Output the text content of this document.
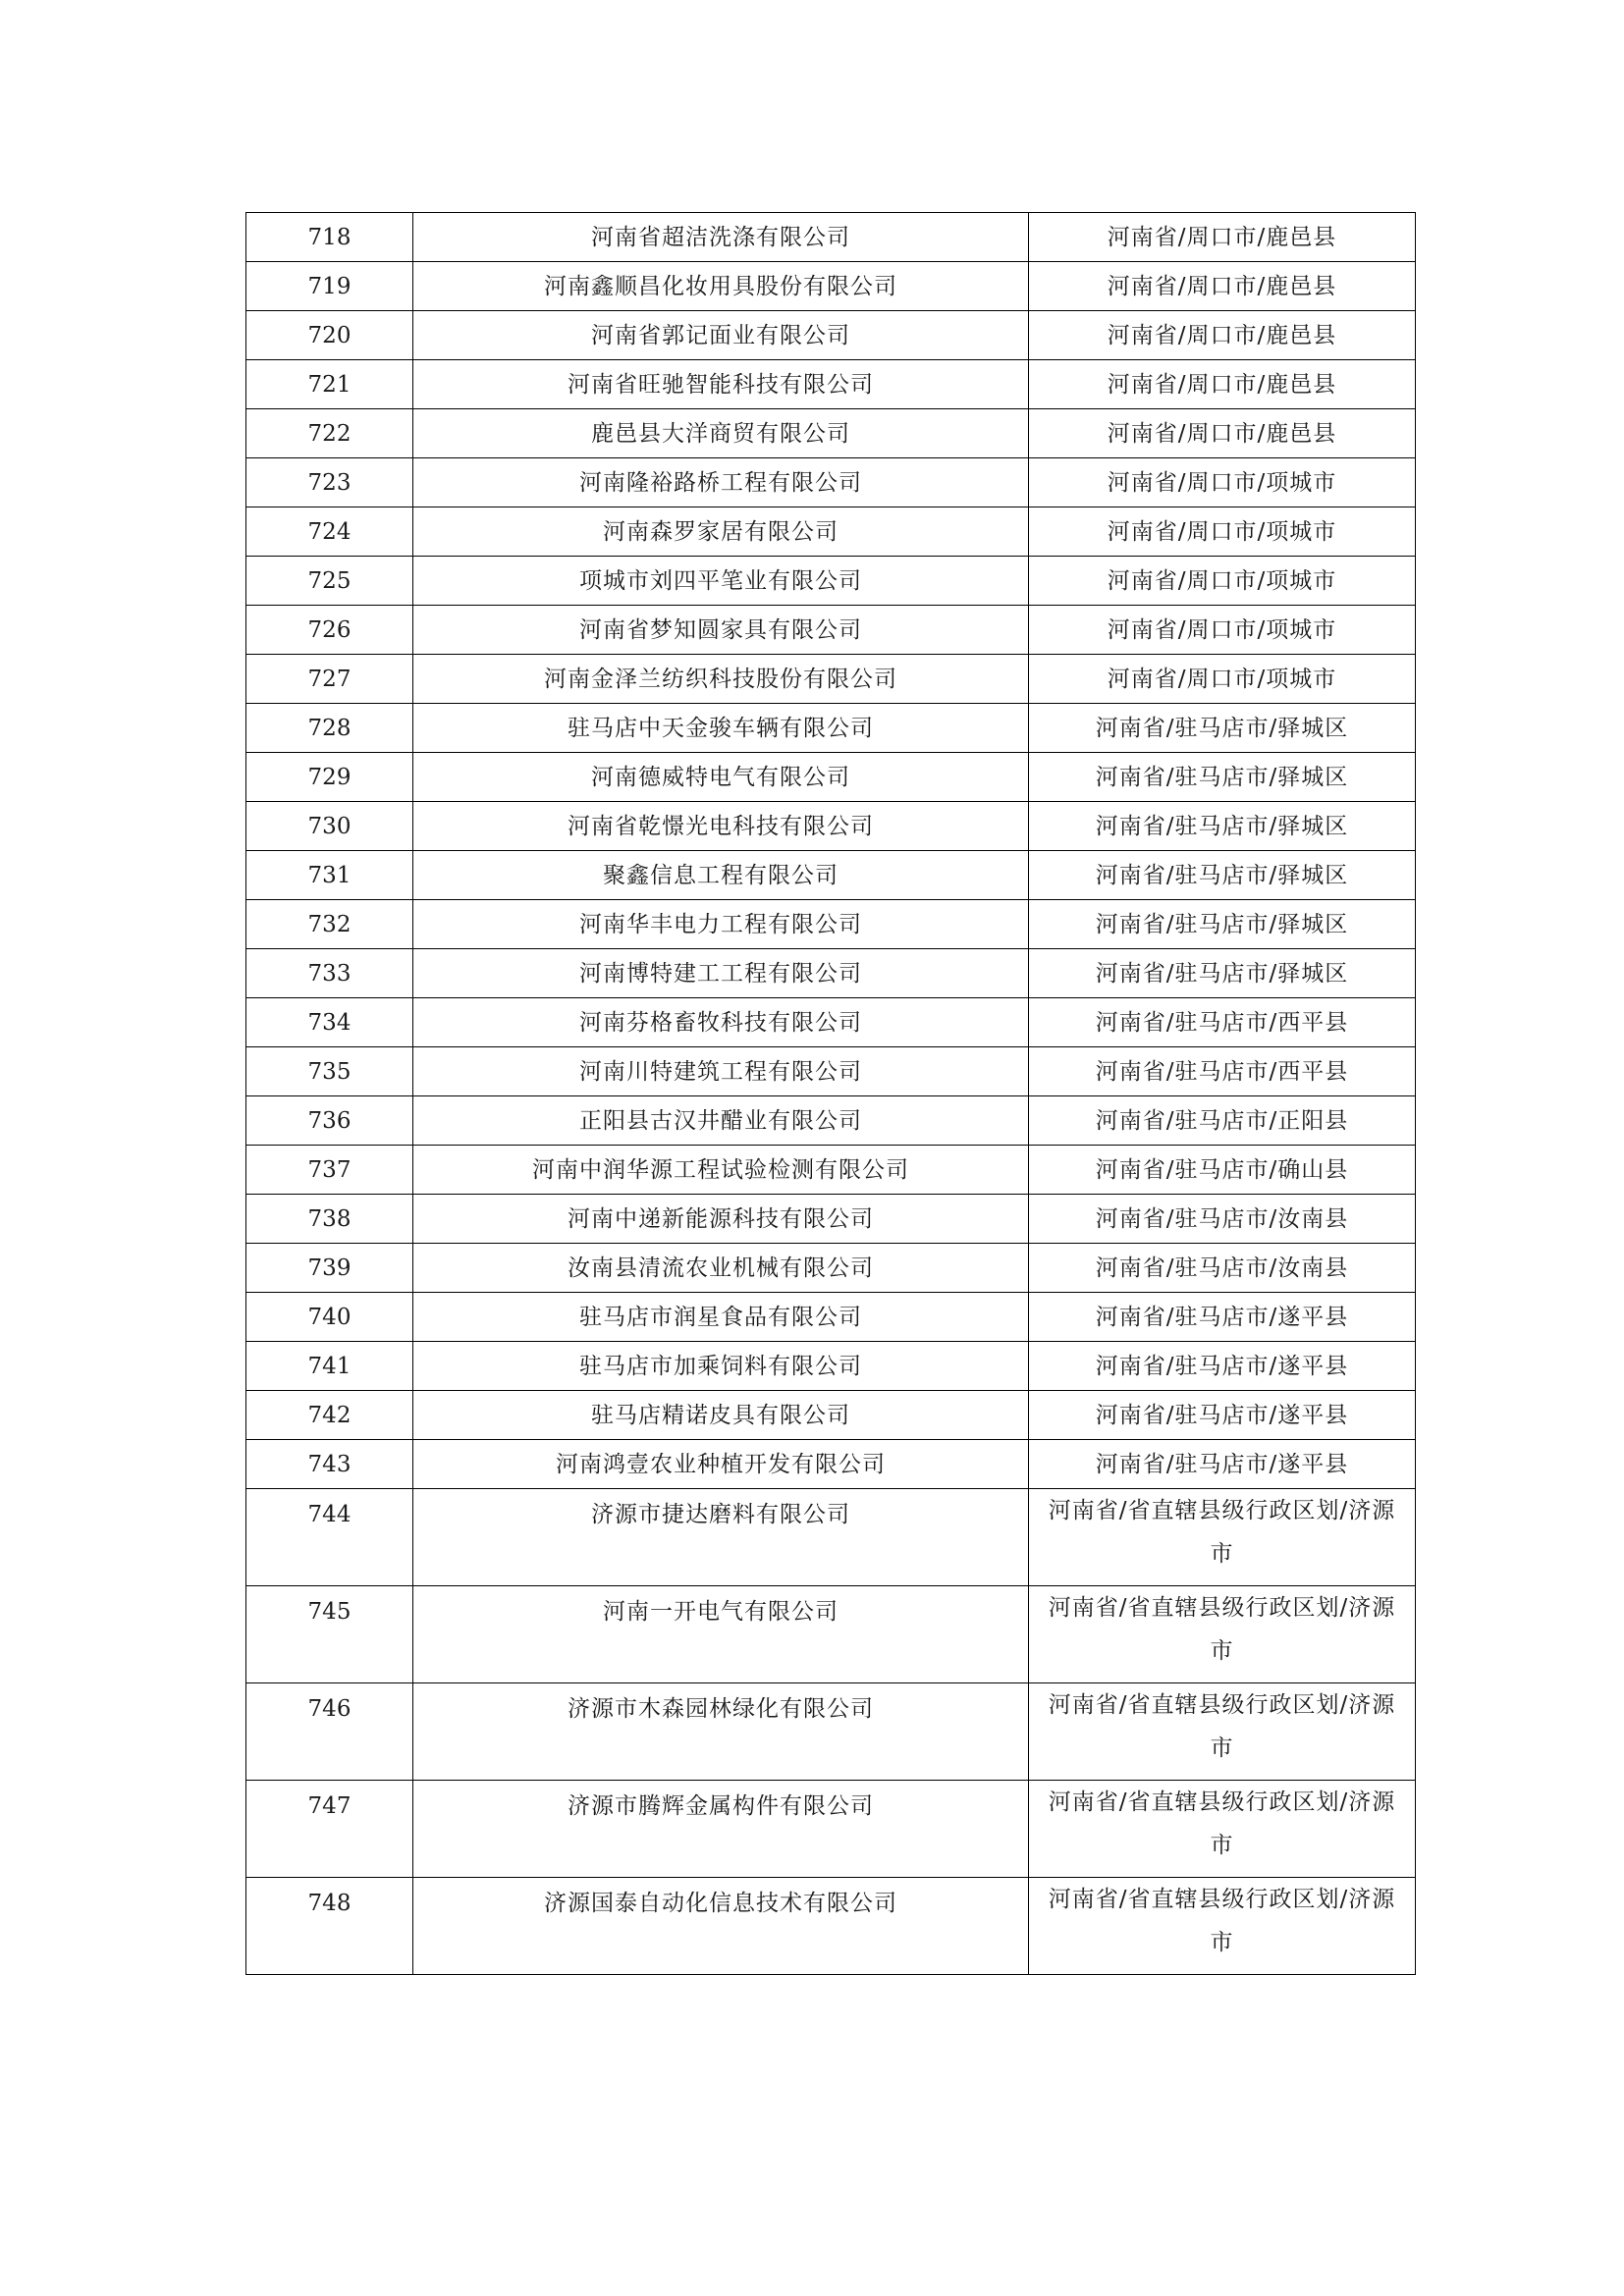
718	河南省超洁洗涤有限公司	河南省/周口市/鹿邑县
719	河南鑫顺昌化妆用具股份有限公司	河南省/周口市/鹿邑县
720	河南省郭记面业有限公司	河南省/周口市/鹿邑县
721	河南省旺驰智能科技有限公司	河南省/周口市/鹿邑县
722	鹿邑县大洋商贸有限公司	河南省/周口市/鹿邑县
723	河南隆裕路桥工程有限公司	河南省/周口市/项城市
724	河南森罗家居有限公司	河南省/周口市/项城市
725	项城市刘四平笔业有限公司	河南省/周口市/项城市
726	河南省梦知圆家具有限公司	河南省/周口市/项城市
727	河南金泽兰纺织科技股份有限公司	河南省/周口市/项城市
728	驻马店中天金骏车辆有限公司	河南省/驻马店市/驿城区
729	河南德威特电气有限公司	河南省/驻马店市/驿城区
730	河南省乾憬光电科技有限公司	河南省/驻马店市/驿城区
731	聚鑫信息工程有限公司	河南省/驻马店市/驿城区
732	河南华丰电力工程有限公司	河南省/驻马店市/驿城区
733	河南博特建工工程有限公司	河南省/驻马店市/驿城区
734	河南芬格畜牧科技有限公司	河南省/驻马店市/西平县
735	河南川特建筑工程有限公司	河南省/驻马店市/西平县
736	正阳县古汉井醋业有限公司	河南省/驻马店市/正阳县
737	河南中润华源工程试验检测有限公司	河南省/驻马店市/确山县
738	河南中递新能源科技有限公司	河南省/驻马店市/汝南县
739	汝南县清流农业机械有限公司	河南省/驻马店市/汝南县
740	驻马店市润星食品有限公司	河南省/驻马店市/遂平县
741	驻马店市加乘饲料有限公司	河南省/驻马店市/遂平县
742	驻马店精诺皮具有限公司	河南省/驻马店市/遂平县
743	河南鸿壹农业种植开发有限公司	河南省/驻马店市/遂平县
744	济源市捷达磨料有限公司	河南省/省直辖县级行政区划/济源市
745	河南一开电气有限公司	河南省/省直辖县级行政区划/济源市
746	济源市木森园林绿化有限公司	河南省/省直辖县级行政区划/济源市
747	济源市腾辉金属构件有限公司	河南省/省直辖县级行政区划/济源市
748	济源国泰自动化信息技术有限公司	河南省/省直辖县级行政区划/济源市
